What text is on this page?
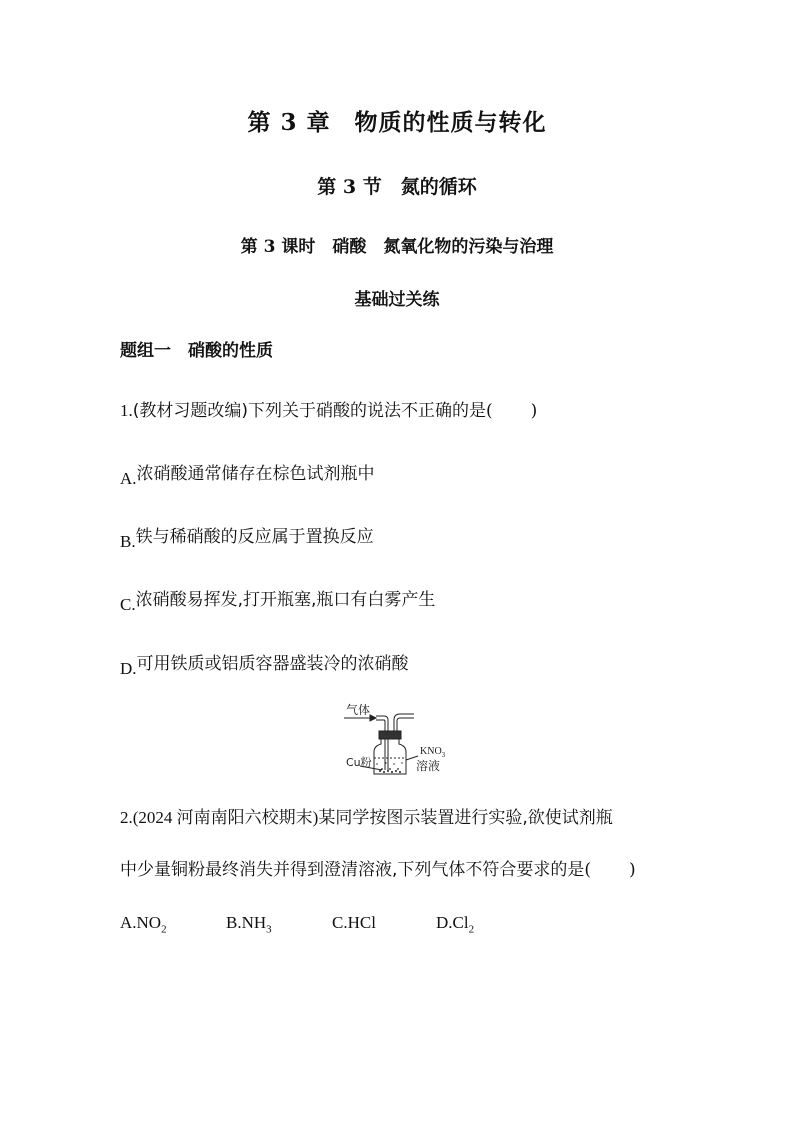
第 3 章　物质的性质与转化
第 3 节　氮的循环
第 3 课时　硝酸　氮氧化物的污染与治理
基础过关练
题组一　硝酸的性质
1.(教材习题改编)下列关于硝酸的说法不正确的是( )
A.浓硝酸通常储存在棕色试剂瓶中
B.铁与稀硝酸的反应属于置换反应
C.浓硝酸易挥发,打开瓶塞,瓶口有白雾产生
D.可用铁质或铝质容器盛装冷的浓硝酸
气体
$KNO_3$
溶液
Cu粉
2.(2024 河南南阳六校期末)某同学按图示装置进行实验,欲使试剂瓶
中少量铜粉最终消失并得到澄清溶液,下列气体不符合要求的是( )
$A.NO_2$	$B.NH_3$	C.HCl	$D.Cl_2$
